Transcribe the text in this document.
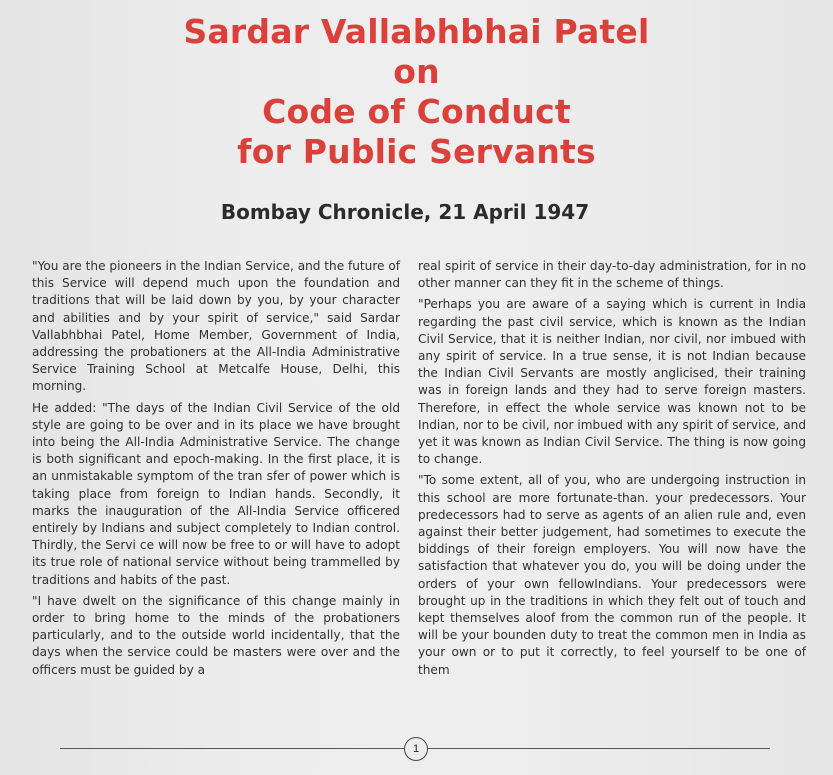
Sardar Vallabhbhai Patel

on

Code of Conduct

for Public Servants

Bombay Chronicle, 21 April 1947

"You are the pioneers in the Indian Service, and the future of this Service will depend much upon the foundation and traditions that will be laid down by you, by your character and abilities and by your spirit of service," said Sardar Vallabhbhai Patel, Home Member, Government of India, addressing the probationers at the All-India Administrative Service Training School at Metcalfe House, Delhi, this morning.

He added: "The days of the Indian Civil Service of the old style are going to be over and in its place we have brought into being the All-India Administrative Service. The change is both significant and epoch-making. In the first place, it is an unmistakable symptom of the tran sfer of power which is taking place from foreign to Indian hands. Secondly, it marks the inauguration of the All-India Service officered entirely by Indians and subject completely to Indian control. Thirdly, the Servi ce will now be free to or will have to adopt its true role of national service without being trammelled by traditions and habits of the past.

"I have dwelt on the significance of this change mainly in order to bring home to the minds of the probationers particularly, and to the outside world incidentally, that the days when the service could be masters were over and the officers must be guided by a

real spirit of service in their day-to-day administration, for in no other manner can they fit in the scheme of things.

"Perhaps you are aware of a saying which is current in India regarding the past civil service, which is known as the Indian Civil Service, that it is neither Indian, nor civil, nor imbued with any spirit of service. In a true sense, it is not Indian because the Indian Civil Servants are mostly anglicised, their training was in foreign lands and they had to serve foreign masters. Therefore, in effect the whole service was known not to be Indian, nor to be civil, nor imbued with any spirit of service, and yet it was known as Indian Civil Service. The thing is now going to change.

"To some extent, all of you, who are undergoing instruction in this school are more fortunate-than. your predecessors. Your predecessors had to serve as agents of an alien rule and, even against their better judgement, had sometimes to execute the biddings of their foreign employers. You will now have the satisfaction that whatever you do, you will be doing under the orders of your own fellowIndians. Your predecessors were brought up in the traditions in which they felt out of touch and kept themselves aloof from the common run of the people. It will be your bounden duty to treat the common men in India as your own or to put it correctly, to feel yourself to be one of them

1
